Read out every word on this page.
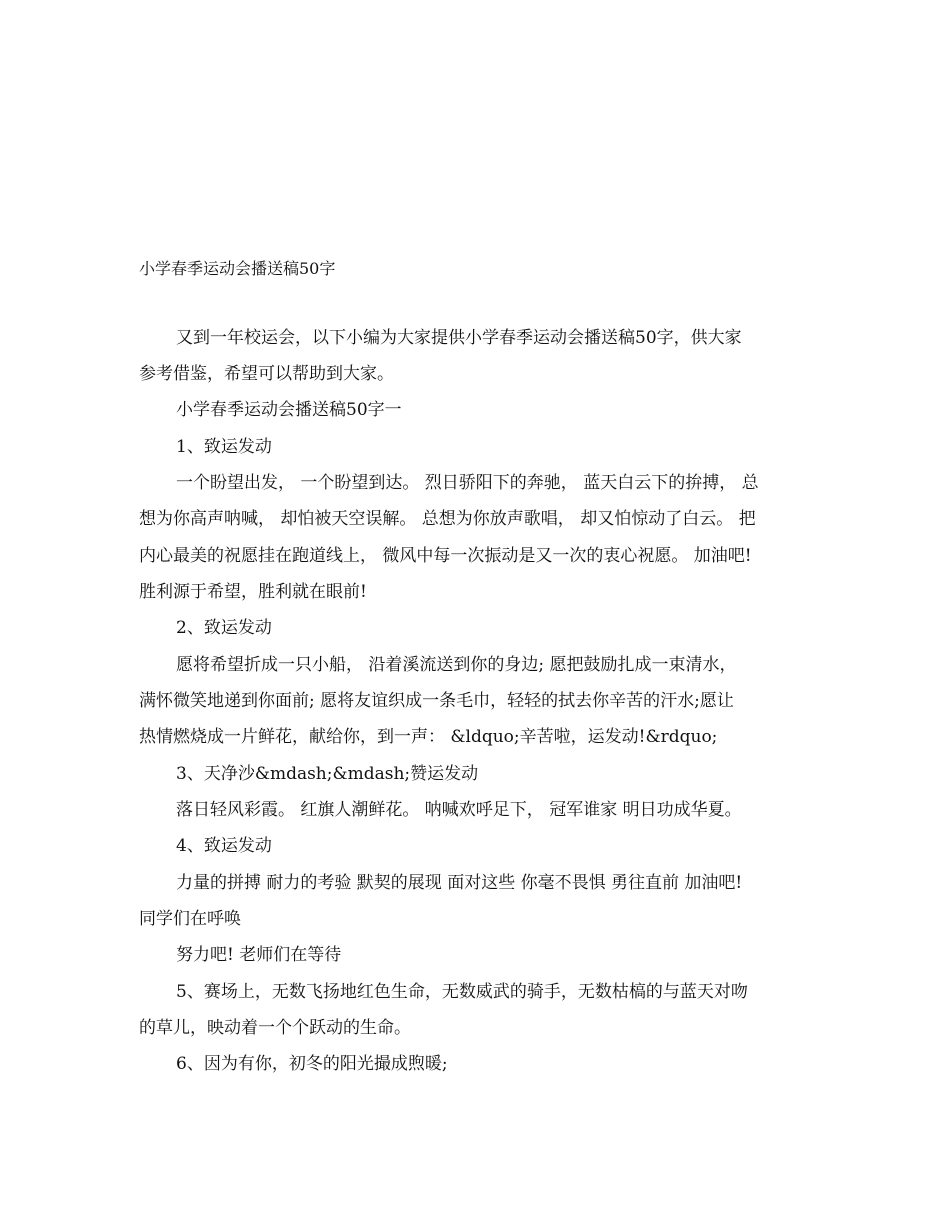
小学春季运动会播送稿50字
又到一年校运会，以下小编为大家提供小学春季运动会播送稿50字，供大家
参考借鉴，希望可以帮助到大家。
小学春季运动会播送稿50字一
1、致运发动
一个盼望出发， 一个盼望到达。 烈日骄阳下的奔驰， 蓝天白云下的拚搏， 总
想为你高声呐喊， 却怕被天空误解。 总想为你放声歌唱， 却又怕惊动了白云。 把
内心最美的祝愿挂在跑道线上， 微风中每一次振动是又一次的衷心祝愿。 加油吧!
胜利源于希望，胜利就在眼前!
2、致运发动
愿将希望折成一只小船， 沿着溪流送到你的身边; 愿把鼓励扎成一束清水，
满怀微笑地递到你面前; 愿将友谊织成一条毛巾，轻轻的拭去你辛苦的汗水;愿让
热情燃烧成一片鲜花，献给你，到一声： &ldquo;辛苦啦，运发动!&rdquo;
3、天净沙&mdash;&mdash;赞运发动
落日轻风彩霞。 红旗人潮鲜花。 呐喊欢呼足下， 冠军谁家 明日功成华夏。
4、致运发动
力量的拼搏 耐力的考验 默契的展现 面对这些 你毫不畏惧 勇往直前 加油吧!
同学们在呼唤
努力吧! 老师们在等待
5、赛场上，无数飞扬地红色生命，无数威武的骑手，无数枯槁的与蓝天对吻
的草儿，映动着一个个跃动的生命。
6、因为有你，初冬的阳光撮成煦暖;
